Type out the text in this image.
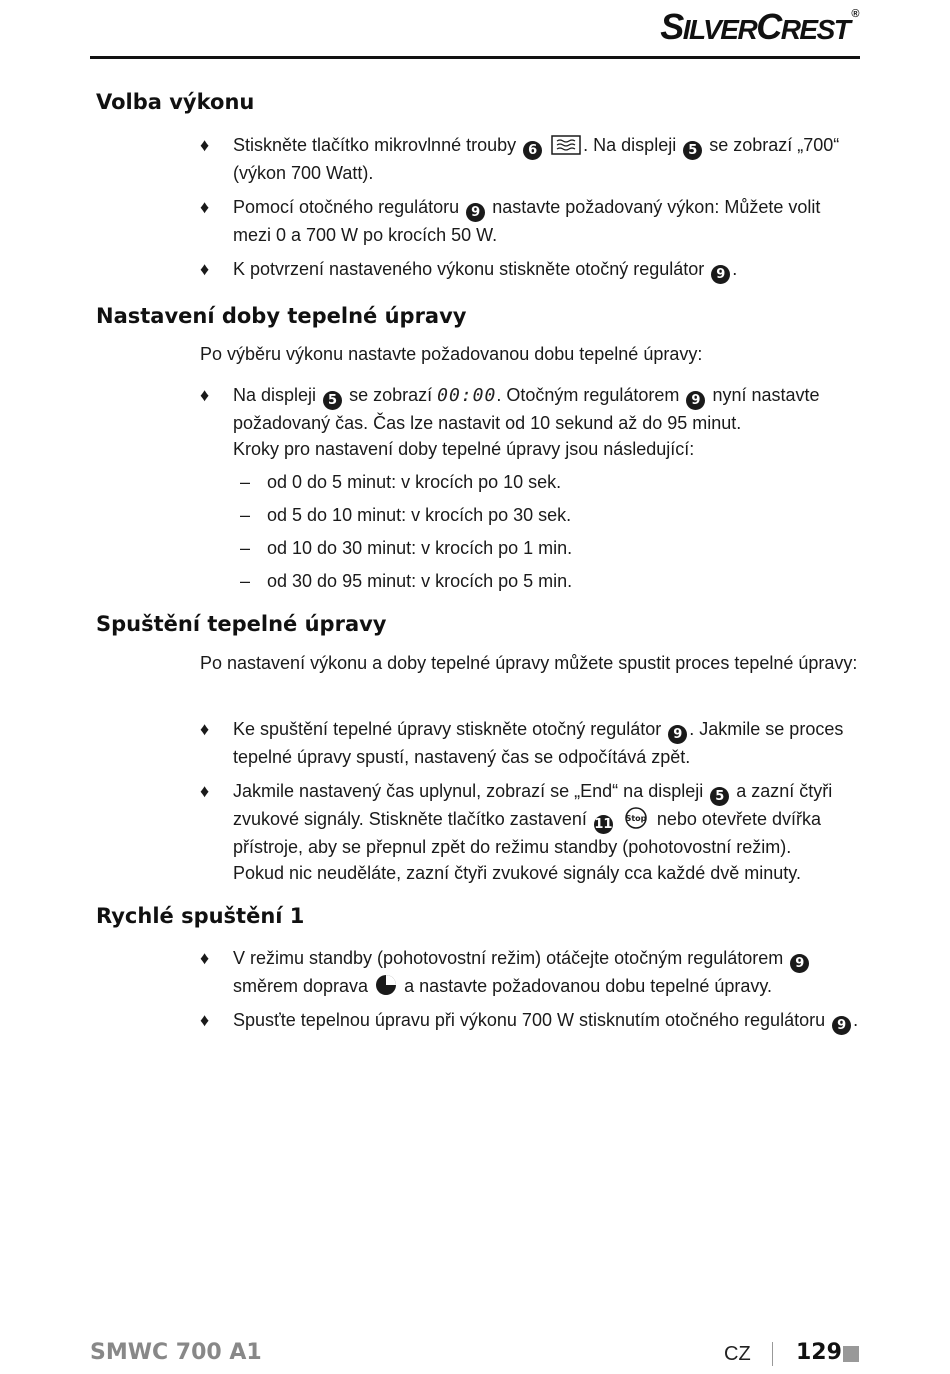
SILVERCREST ®
Volba výkonu
♦ Stiskněte tlačítko mikrovlnné trouby 6	. Na displeji 5 se zobrazí „700“ (výkon 700 Watt).
♦ Pomocí otočného regulátoru 9 nastavte požadovaný výkon: Můžete volit mezi 0 a 700 W po krocích 50 W.
♦ K potvrzení nastaveného výkonu stiskněte otočný regulátor 9 .
Nastavení doby tepelné úpravy

Po výběru výkonu nastavte požadovanou dobu tepelné úpravy:

♦ Na displeji 5 se zobrazí 00:00. Otočným regulátorem 9 nyní nastavte požadovaný čas. Čas lze nastavit od 10 sekund až do 95 minut.
Kroky pro nastavení doby tepelné úpravy jsou následující:
– od 0 do 5 minut: v krocích po 10 sek.
– od 5 do 10 minut: v krocích po 30 sek.
– od 10 do 30 minut: v krocích po 1 min.
– od 30 do 95 minut: v krocích po 5 min.
Spuštění tepelné úpravy

Po nastavení výkonu a doby tepelné úpravy můžete spustit proces tepelné úpravy:

♦ Ke spuštění tepelné úpravy stiskněte otočný regulátor 9 . Jakmile se proces tepelné úpravy spustí, nastavený čas se odpočítává zpět.
♦ Jakmile nastavený čas uplynul, zobrazí se „End“ na displeji 5 a zazní čtyři zvukové signály. Stiskněte tlačítko zastavení 11 Stop nebo otevřete dvířka přístroje, aby se přepnul zpět do režimu standby (pohotovostní režim).
Pokud nic neuděláte, zazní čtyři zvukové signály cca každé dvě minuty.
Rychlé spuštění 1
♦ V režimu standby (pohotovostní režim) otáčejte otočným regulátorem 9 směrem doprava a nastavte požadovanou dobu tepelné úpravy.
♦ Spusťte tepelnou úpravu při výkonu 700 W stisknutím otočného regulátoru 9 .
SMWC 700 A1	CZ 129
